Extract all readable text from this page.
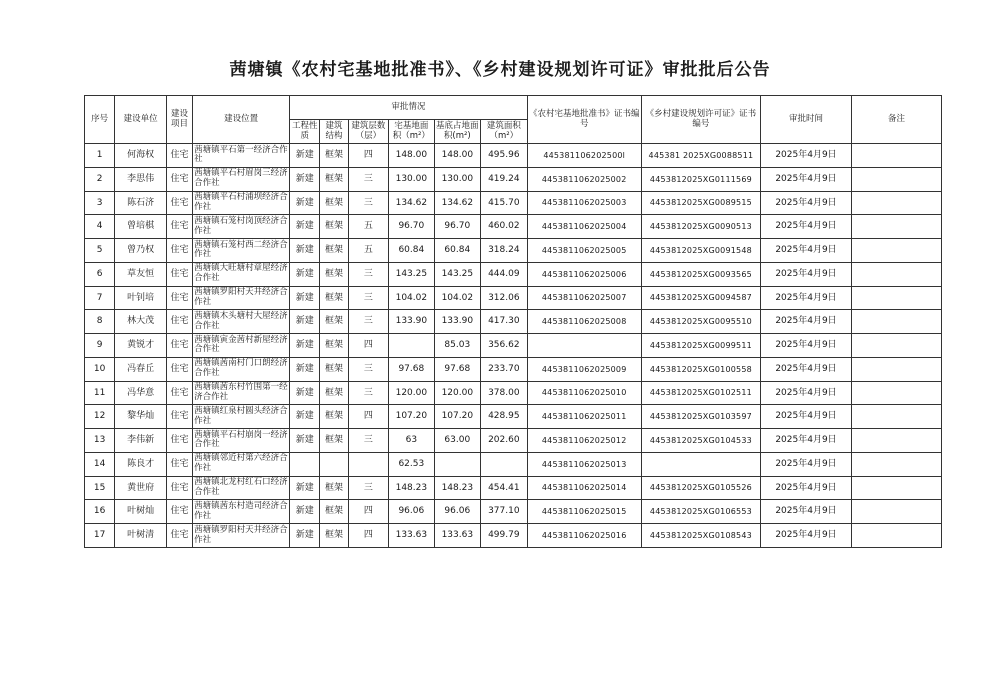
茜塘镇《农村宅基地批准书》、《乡村建设规划许可证》审批批后公告
序号	建设单位	建设项目	建设位置	审批情况						《农村宅基地批准书》证书编号	《乡村建设规划许可证》证书编号	审批时间	备注
				工程性质	建筑结构	建筑层数（层）	宅基地面积（m²）	基底占地面积(m²)	建筑面积（m²）				
1	何海权	住宅	茜塘镇平石第一经济合作社	新建	框架	四	148.00	148.00	495.96	445381106202500l	445381 2025XG0088511	2025年4月9日	
2	李思伟	住宅	茜塘镇平石村眉岗三经济合作社	新建	框架	三	130.00	130.00	419.24	4453811062025002	4453812025XG0111569	2025年4月9日	
3	陈石济	住宅	茜塘镇平石村浦坝经济合作社	新建	框架	三	134.62	134.62	415.70	4453811062025003	4453812025XG0089515	2025年4月9日	
4	曾培棋	住宅	茜塘镇石笼村岗顶经济合作社	新建	框架	五	96.70	96.70	460.02	4453811062025004	4453812025XG0090513	2025年4月9日	
5	曾乃权	住宅	茜塘镇石笼村西二经济合作社	新建	框架	五	60.84	60.84	318.24	4453811062025005	4453812025XG0091548	2025年4月9日	
6	草友恒	住宅	茜塘镇大旺塘村章屋经济合作社	新建	框架	三	143.25	143.25	444.09	4453811062025006	4453812025XG0093565	2025年4月9日	
7	叶钊培	住宅	茜塘镇罗阳村天井经济合作社	新建	框架	三	104.02	104.02	312.06	4453811062025007	4453812025XG0094587	2025年4月9日	
8	林大茂	住宅	茜塘镇木头塘村大屋经济合作社	新建	框架	三	133.90	133.90	417.30	4453811062025008	4453812025XG0095510	2025年4月9日	
9	黄锐才	住宅	茜塘镇寅金茜村新屋经济合作社	新建	框架	四		85.03	356.62		4453812025XG0099511	2025年4月9日	
10	冯春丘	住宅	茜塘镇茜南村门口朗经济合作社	新建	框架	三	97.68	97.68	233.70	4453811062025009	4453812025XG0100558	2025年4月9日	
11	冯华意	住宅	茜塘镇茜东村竹围第一经济合作社	新建	框架	三	120.00	120.00	378.00	4453811062025010	4453812025XG0102511	2025年4月9日	
12	黎华灿	住宅	茜塘镇红泉村圆头经济合作社	新建	框架	四	107.20	107.20	428.95	4453811062025011	4453812025XG0103597	2025年4月9日	
13	李伟新	住宅	茜塘镇平石村崩岗一经济合作社	新建	框架	三	63	63.00	202.60	4453811062025012	4453812025XG0104533	2025年4月9日	
14	陈良才	住宅	茜塘镇邻近村第六经济合作社				62.53			4453811062025013		2025年4月9日	
15	黄世府	住宅	茜塘镇北龙村红石口经济合作社	新建	框架	三	148.23	148.23	454.41	4453811062025014	4453812025XG0105526	2025年4月9日	
16	叶树灿	住宅	茜塘镇茜东村造司经济合作社	新建	框架	四	96.06	96.06	377.10	4453811062025015	4453812025XG0106553	2025年4月9日	
17	叶树清	住宅	茜塘镇罗阳村天井经济合作社	新建	框架	四	133.63	133.63	499.79	4453811062025016	4453812025XG0108543	2025年4月9日	
